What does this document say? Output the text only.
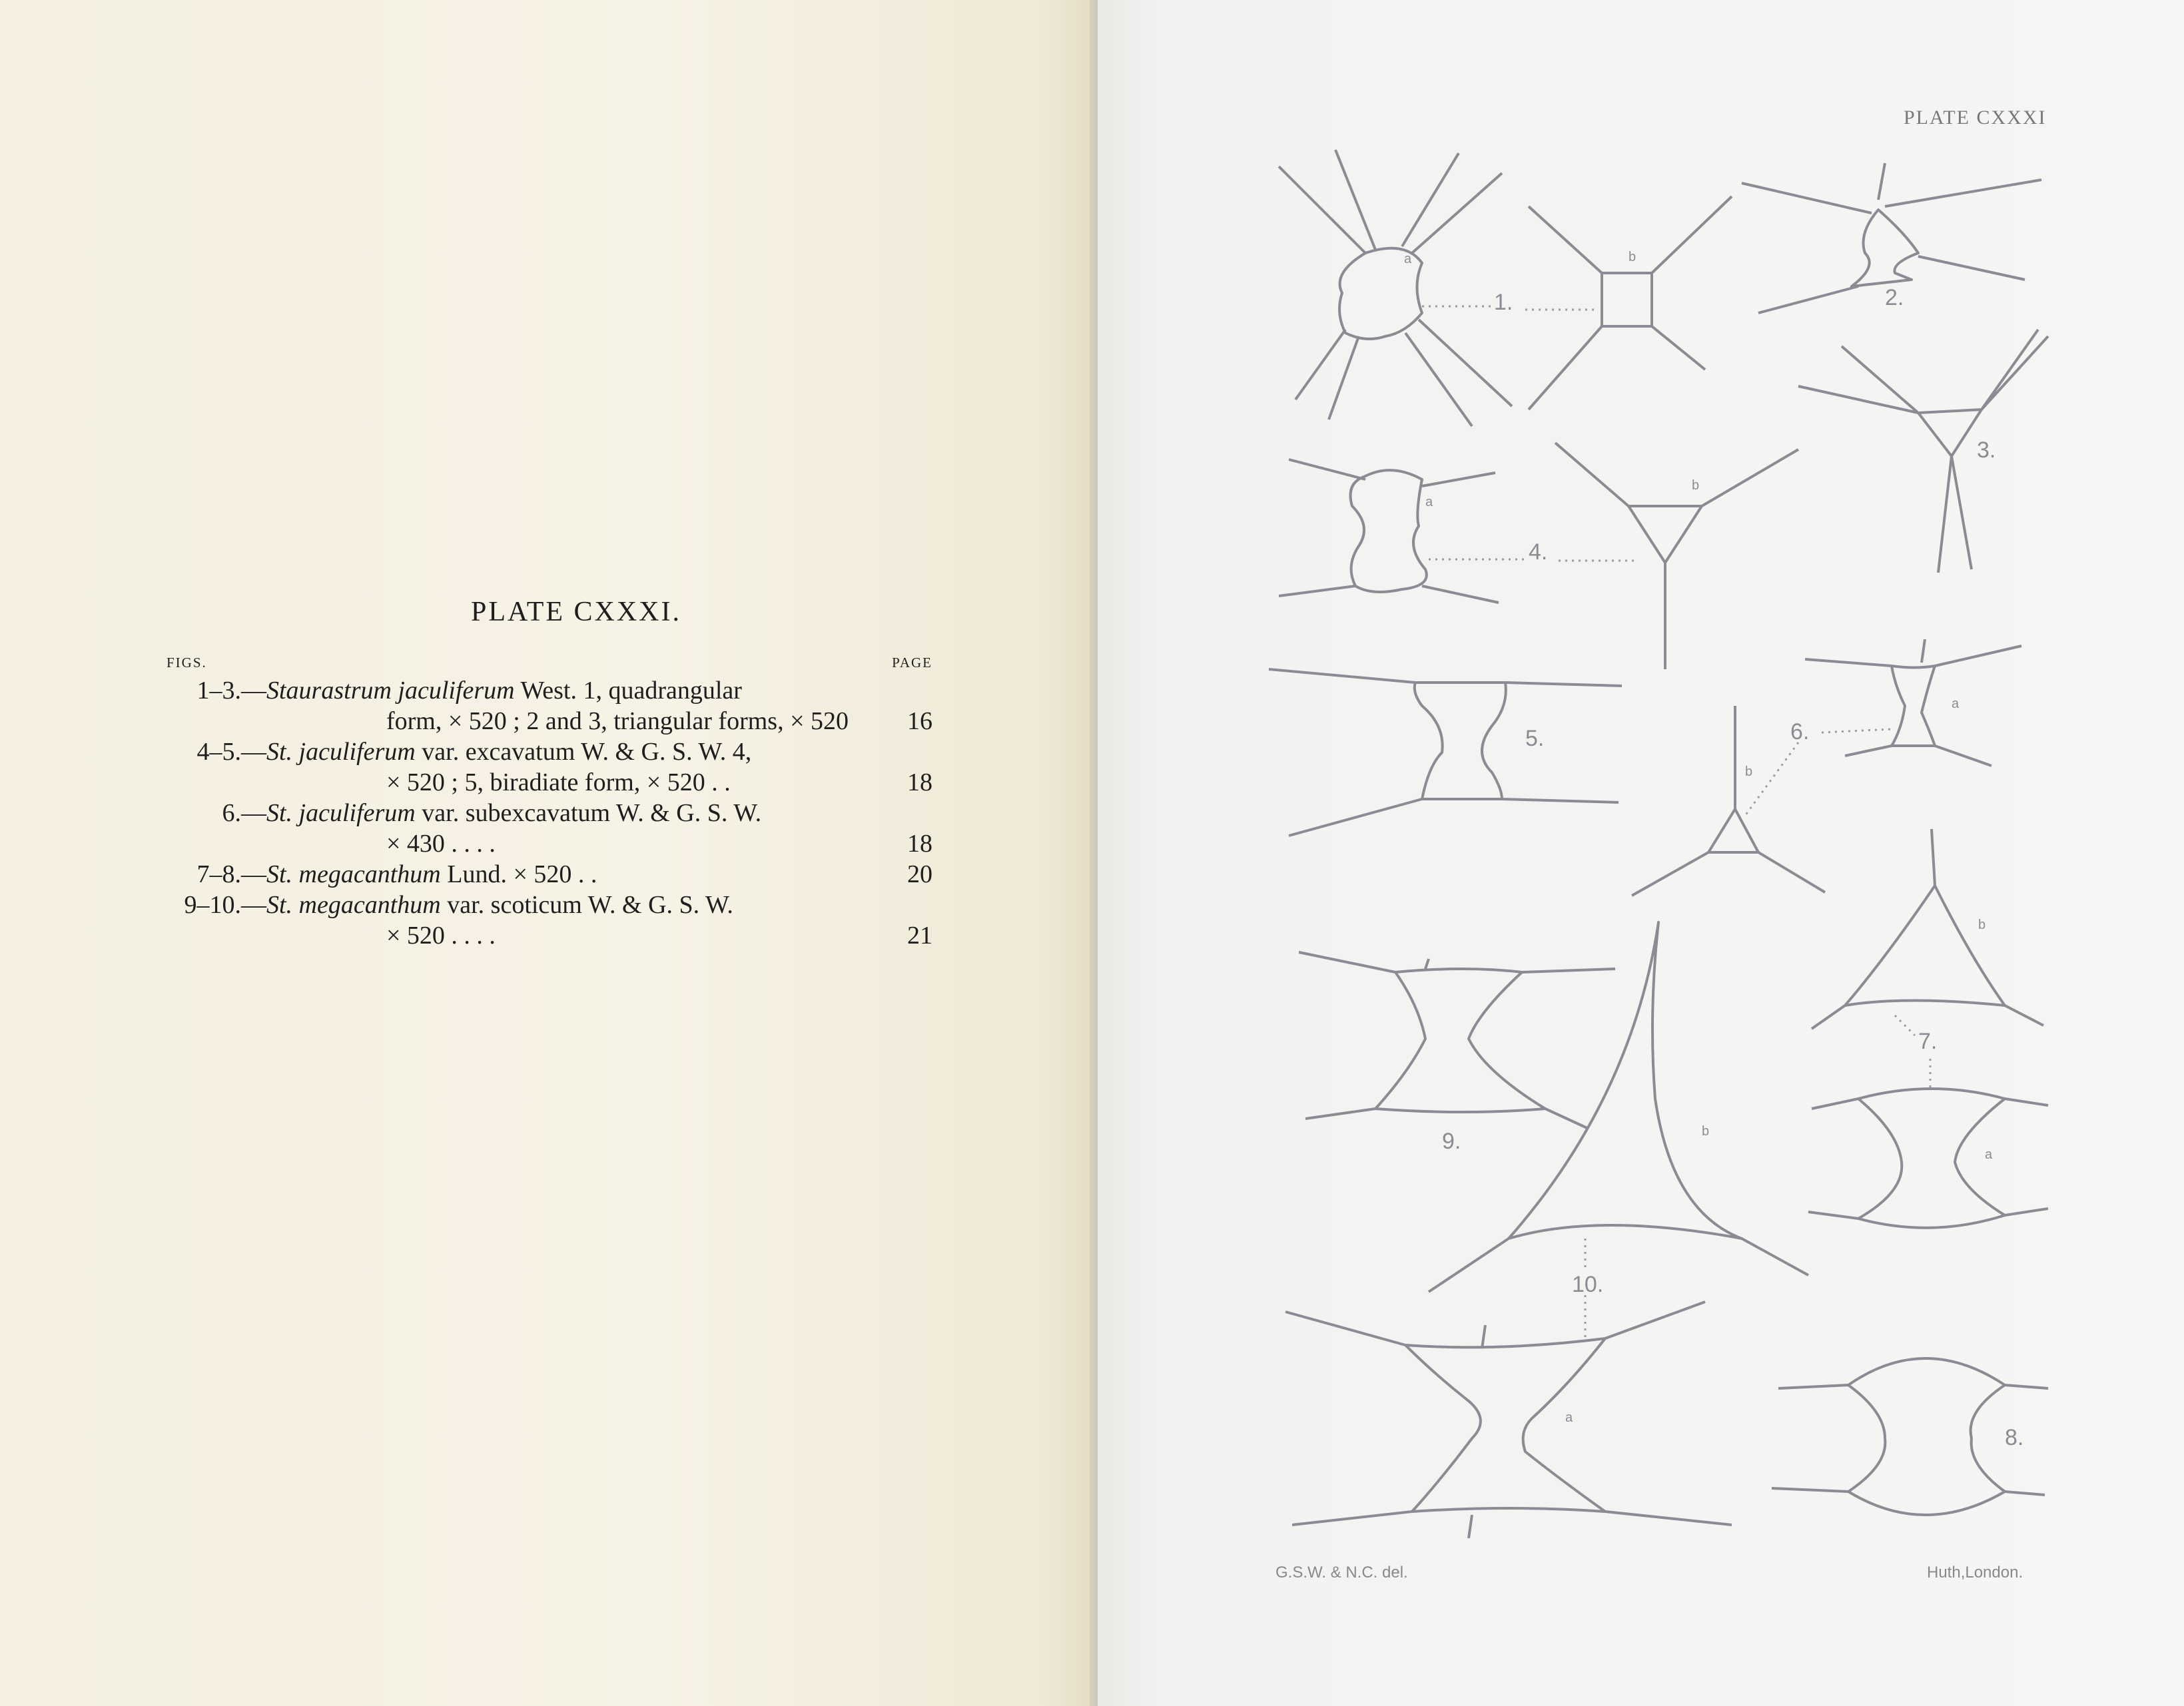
PLATE CXXXI.
FIGS.	PAGE
1–3.—	Staurastrum jaculiferum West. 1, quadrangular	
	form, × 520 ; 2 and 3, triangular forms, × 520	16
4–5.—	St. jaculiferum var. excavatum W. & G. S. W. 4,	
	× 520 ; 5, biradiate form, × 520 . .	18
6.—	St. jaculiferum var. subexcavatum W. & G. S. W.	
	× 430 . . . .	18
7–8.—	St. megacanthum Lund. × 520 . .	20
9–10.—	St. megacanthum var. scoticum W. & G. S. W.	
	× 520 . . . .	21
PLATE CXXXI
a	b
1.	2.
3.
a
b
4.
5.
a
b
6.
b
a
7.
8.
9.	b
a
10.
G.S.W. & N.C. del.	Huth,London.
